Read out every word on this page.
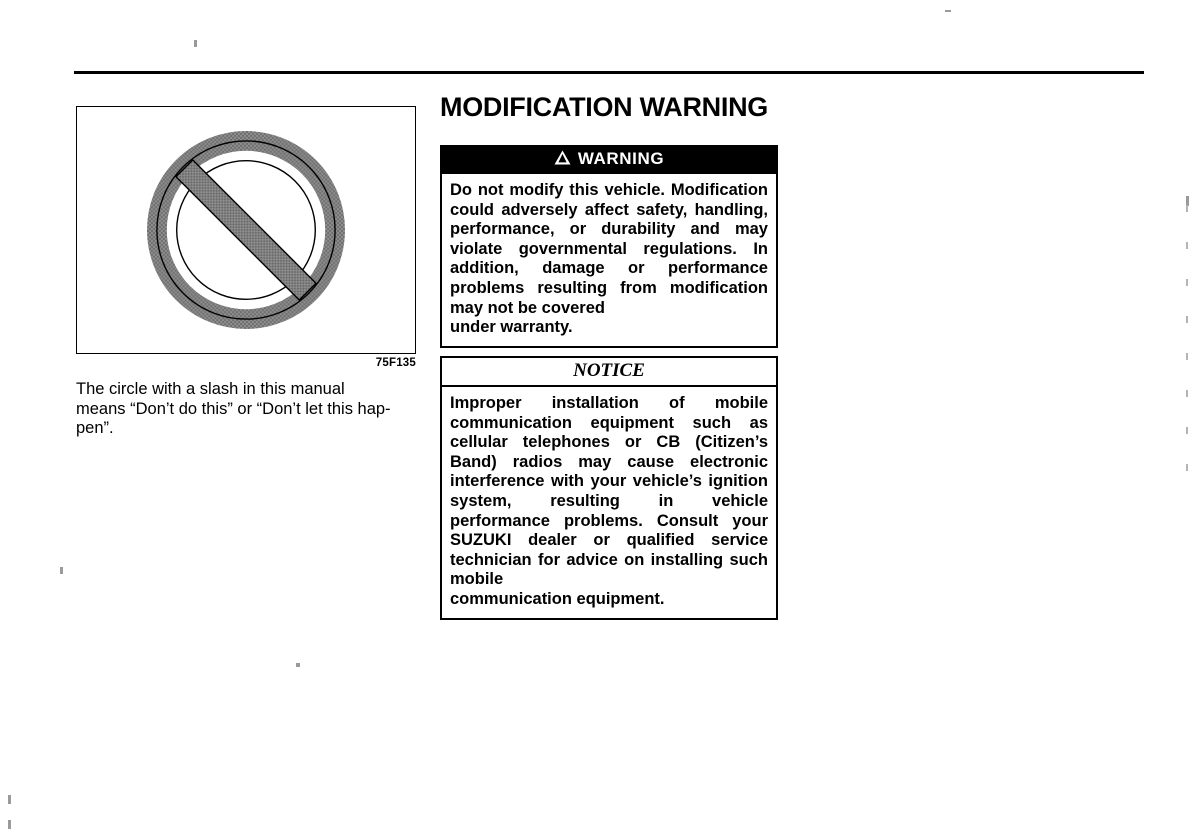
75F135
The circle with a slash in this manual
means “Don’t do this” or “Don’t let this hap-
pen”.
MODIFICATION WARNING
WARNING

Do not modify this vehicle. Modification could adversely affect safety, handling, performance, or durability and may violate governmental regulations. In addition, damage or performance problems resulting from modification may not be covered

under warranty.

NOTICE

Improper installation of mobile communication equipment such as cellular telephones or CB (Citizen’s Band) radios may cause electronic interference with your vehicle’s ignition system, resulting in vehicle performance problems. Consult your SUZUKI dealer or qualified service technician for advice on installing such mobile

communication equipment.
